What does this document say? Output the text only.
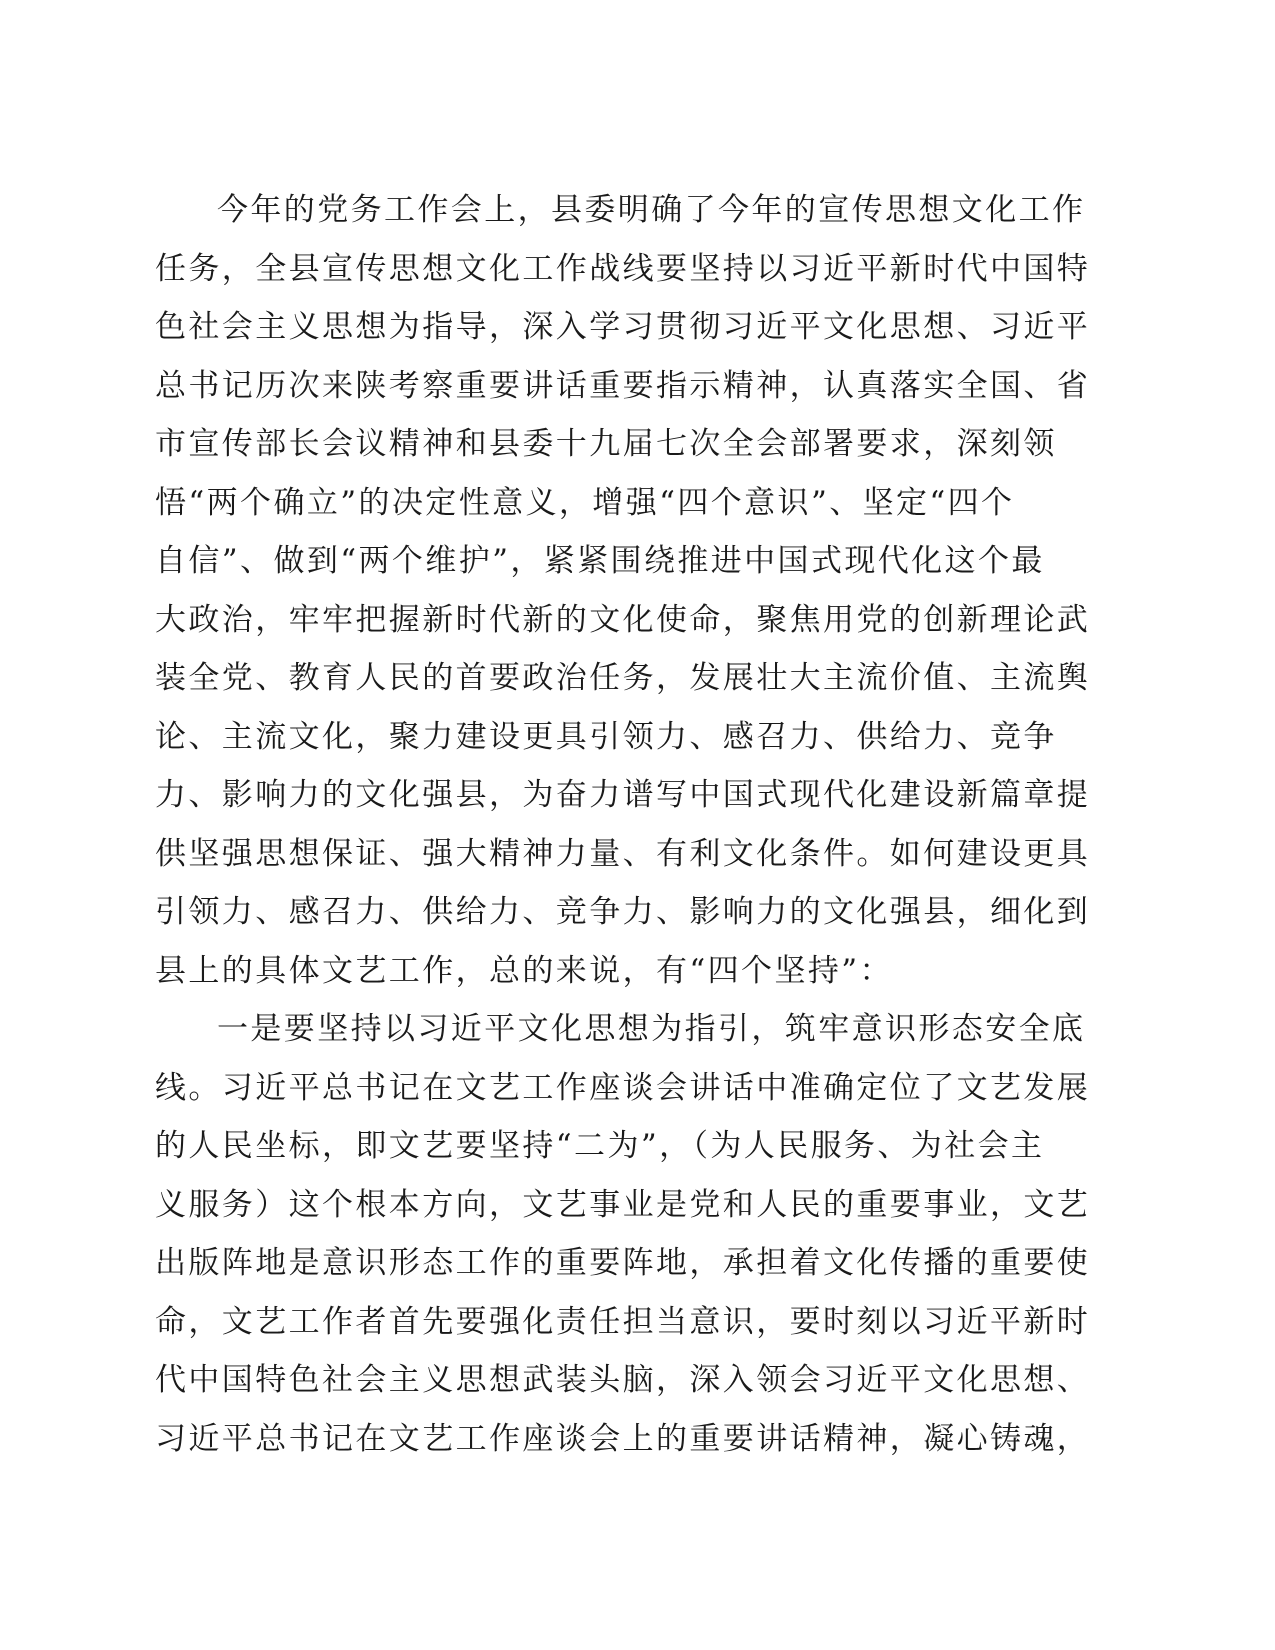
今年的党务工作会上，县委明确了今年的宣传思想文化工作
任务，全县宣传思想文化工作战线要坚持以习近平新时代中国特
色社会主义思想为指导，深入学习贯彻习近平文化思想、习近平
总书记历次来陕考察重要讲话重要指示精神，认真落实全国、省
市宣传部长会议精神和县委十九届七次全会部署要求，深刻领
悟“两个确立”的决定性意义，增强“四个意识”、坚定“四个
自信”、做到“两个维护”，紧紧围绕推进中国式现代化这个最
大政治，牢牢把握新时代新的文化使命，聚焦用党的创新理论武
装全党、教育人民的首要政治任务，发展壮大主流价值、主流舆
论、主流文化，聚力建设更具引领力、感召力、供给力、竞争
力、影响力的文化强县，为奋力谱写中国式现代化建设新篇章提
供坚强思想保证、强大精神力量、有利文化条件。如何建设更具
引领力、感召力、供给力、竞争力、影响力的文化强县，细化到
县上的具体文艺工作，总的来说，有“四个坚持”：
一是要坚持以习近平文化思想为指引，筑牢意识形态安全底
线。习近平总书记在文艺工作座谈会讲话中准确定位了文艺发展
的人民坐标，即文艺要坚持“二为”，（为人民服务、为社会主
义服务）这个根本方向，文艺事业是党和人民的重要事业，文艺
出版阵地是意识形态工作的重要阵地，承担着文化传播的重要使
命，文艺工作者首先要强化责任担当意识，要时刻以习近平新时
代中国特色社会主义思想武装头脑，深入领会习近平文化思想、
习近平总书记在文艺工作座谈会上的重要讲话精神，凝心铸魂，
